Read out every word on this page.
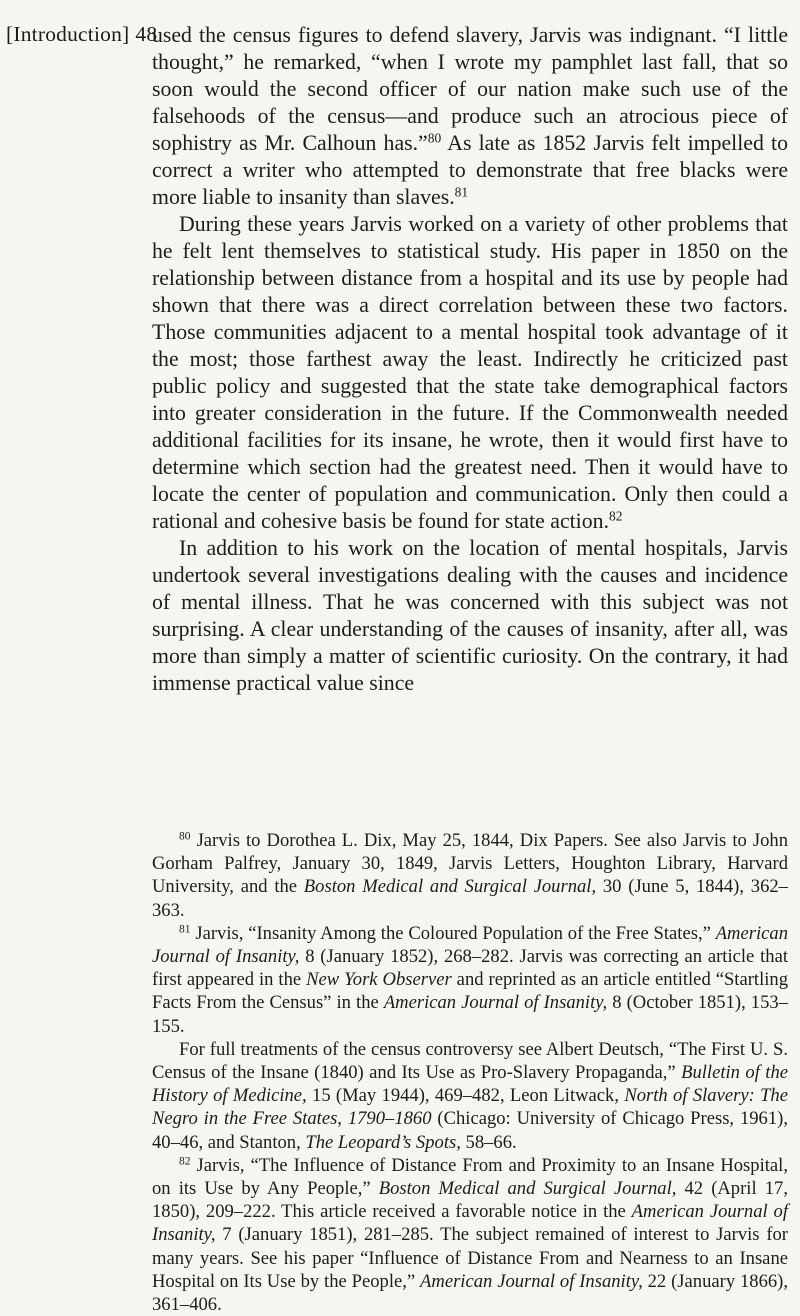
[Introduction] 48

used the census figures to defend slavery, Jarvis was indignant. “I little thought,” he remarked, “when I wrote my pamphlet last fall, that so soon would the second officer of our nation make such use of the falsehoods of the census—and produce such an atrocious piece of sophistry as Mr. Calhoun has.”$^{80}$ As late as 1852 Jarvis felt impelled to correct a writer who attempted to demonstrate that free blacks were more liable to insanity than slaves.$^{81}$

During these years Jarvis worked on a variety of other problems that he felt lent themselves to statistical study. His paper in 1850 on the relationship between distance from a hospital and its use by people had shown that there was a direct correlation between these two factors. Those communities adjacent to a mental hospital took advantage of it the most; those farthest away the least. Indirectly he criticized past public policy and suggested that the state take demographical factors into greater consideration in the future. If the Commonwealth needed additional facilities for its insane, he wrote, then it would first have to determine which section had the greatest need. Then it would have to locate the center of population and communication. Only then could a rational and cohesive basis be found for state action.$^{82}$

In addition to his work on the location of mental hospitals, Jarvis undertook several investigations dealing with the causes and incidence of mental illness. That he was concerned with this subject was not surprising. A clear understanding of the causes of insanity, after all, was more than simply a matter of scientific curiosity. On the contrary, it had immense practical value since

$^{80}$ Jarvis to Dorothea L. Dix, May 25, 1844, Dix Papers. See also Jarvis to John Gorham Palfrey, January 30, 1849, Jarvis Letters, Houghton Library, Harvard University, and the Boston Medical and Surgical Journal, 30 (June 5, 1844), 362–363.

$^{81}$ Jarvis, “Insanity Among the Coloured Population of the Free States,” American Journal of Insanity, 8 (January 1852), 268–282. Jarvis was correcting an article that first appeared in the New York Observer and reprinted as an article entitled “Startling Facts From the Census” in the American Journal of Insanity, 8 (October 1851), 153–155.

For full treatments of the census controversy see Albert Deutsch, “The First U. S. Census of the Insane (1840) and Its Use as Pro-Slavery Propaganda,” Bulletin of the History of Medicine, 15 (May 1944), 469–482, Leon Litwack, North of Slavery: The Negro in the Free States, 1790–1860 (Chicago: University of Chicago Press, 1961), 40–46, and Stanton, The Leopard’s Spots, 58–66.

$^{82}$ Jarvis, “The Influence of Distance From and Proximity to an Insane Hospital, on its Use by Any People,” Boston Medical and Surgical Journal, 42 (April 17, 1850), 209–222. This article received a favorable notice in the American Journal of Insanity, 7 (January 1851), 281–285. The subject remained of interest to Jarvis for many years. See his paper “Influence of Distance From and Nearness to an Insane Hospital on Its Use by the People,” American Journal of Insanity, 22 (January 1866), 361–406.
